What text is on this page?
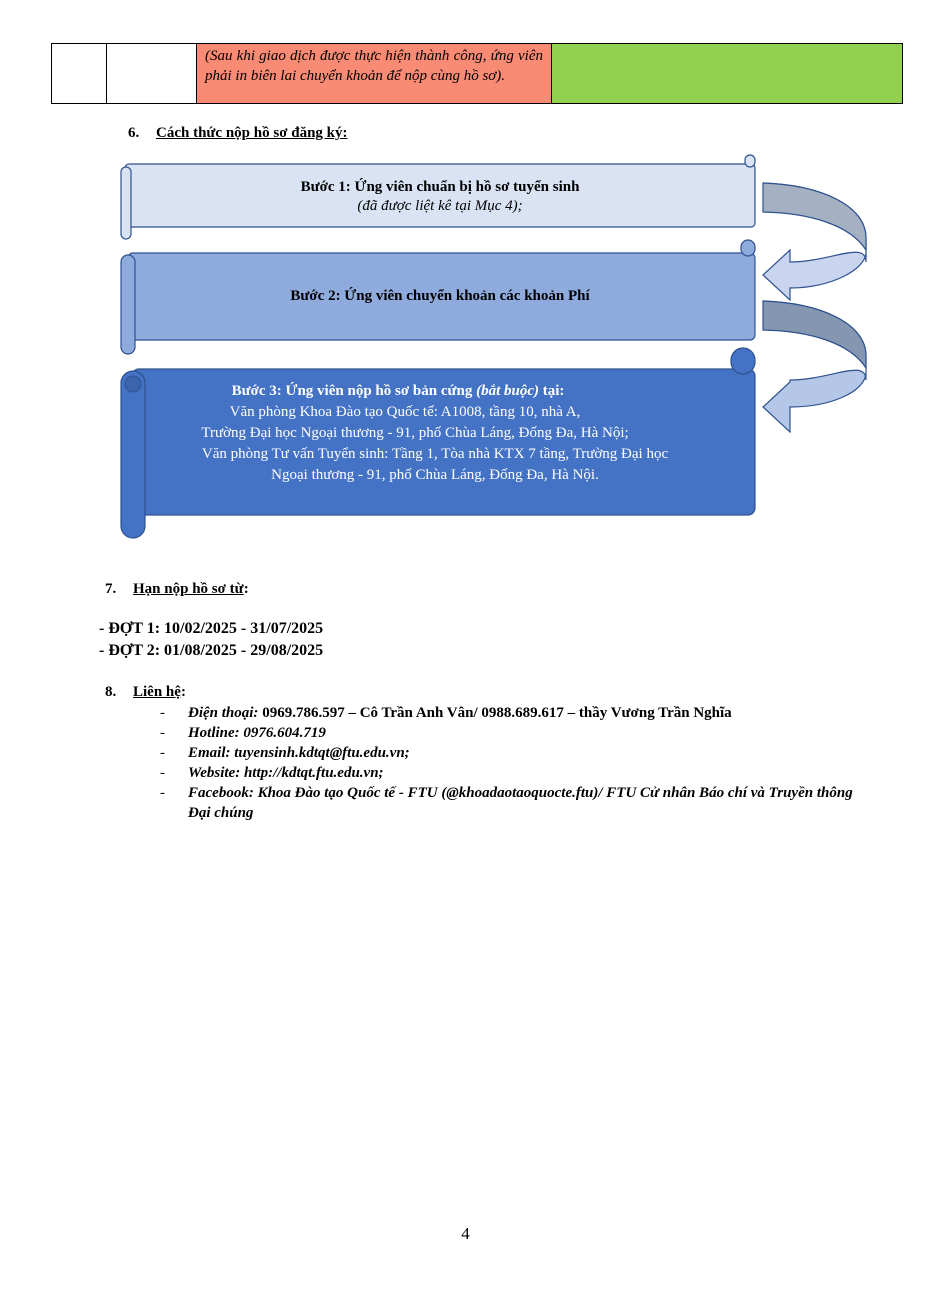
		(Sau khi giao dịch được thực hiện thành công, ứng viên phải in biên lai chuyển khoản để nộp cùng hồ sơ).	
6. Cách thức nộp hồ sơ đăng ký:
Bước 1: Ứng viên chuẩn bị hồ sơ tuyển sinh
(đã được liệt kê tại Mục 4);
Bước 2: Ứng viên chuyển khoản các khoản Phí
Bước 3: Ứng viên nộp hồ sơ bản cứng (bắt buộc) tại:
Văn phòng Khoa Đào tạo Quốc tế: A1008, tầng 10, nhà A,
Trường Đại học Ngoại thương - 91, phố Chùa Láng, Đống Đa, Hà Nội;
Văn phòng Tư vấn Tuyển sinh: Tầng 1, Tòa nhà KTX 7 tầng, Trường Đại học
Ngoại thương - 91, phố Chùa Láng, Đống Đa, Hà Nội.
7. Hạn nộp hồ sơ từ:
- ĐỢT 1: 10/02/2025 - 31/07/2025
- ĐỢT 2: 01/08/2025 - 29/08/2025
8. Liên hệ:
- Điện thoại: 0969.786.597 – Cô Trần Anh Vân/ 0988.689.617 – thầy Vương Trần Nghĩa
- Hotline: 0976.604.719
- Email: tuyensinh.kdtqt@ftu.edu.vn;
- Website: http://kdtqt.ftu.edu.vn;
- Facebook: Khoa Đào tạo Quốc tế - FTU (@khoadaotaoquocte.ftu)/ FTU Cử nhân Báo chí và Truyền thông Đại chúng
4
